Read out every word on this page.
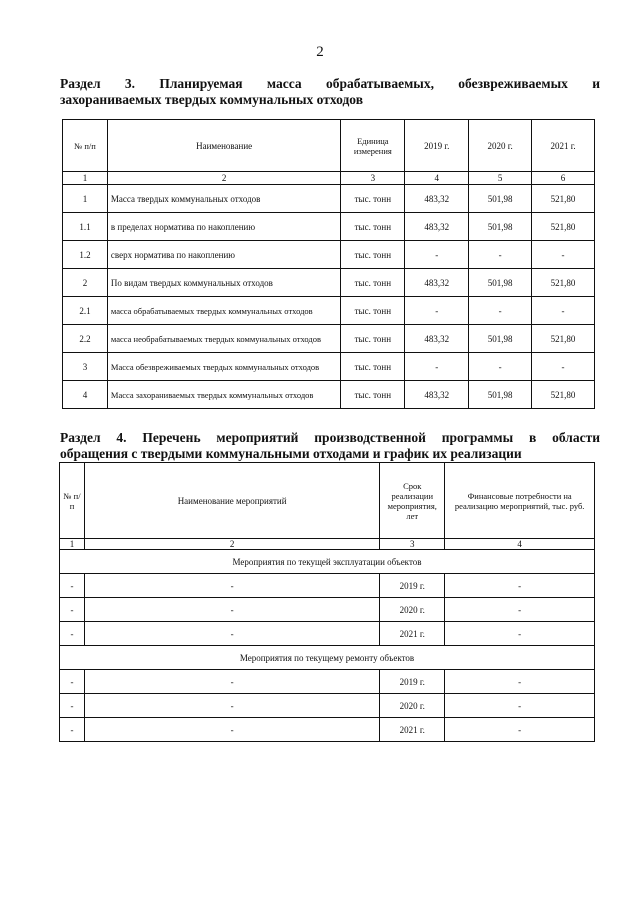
2
Раздел 3. Планируемая масса обрабатываемых, обезвреживаемых и
захораниваемых твердых коммунальных отходов
№ п/п	Наименование	Единица измерения	2019 г.	2020 г.	2021 г.
1	2	3	4	5	6
1	Масса твердых коммунальных отходов	тыс. тонн	483,32	501,98	521,80
1.1	в пределах норматива по накоплению	тыс. тонн	483,32	501,98	521,80
1.2	сверх норматива по накоплению	тыс. тонн	-	-	-
2	По видам твердых коммунальных отходов	тыс. тонн	483,32	501,98	521,80
2.1	масса обрабатываемых твердых коммунальных отходов	тыс. тонн	-	-	-
2.2	масса необрабатываемых твердых коммунальных отходов	тыс. тонн	483,32	501,98	521,80
3	Масса обезвреживаемых твердых коммунальных отходов	тыс. тонн	-	-	-
4	Масса захораниваемых твердых коммунальных отходов	тыс. тонн	483,32	501,98	521,80
Раздел 4. Перечень мероприятий производственной программы в области
обращения с твердыми коммунальными отходами и график их реализации
№ п/п	Наименование мероприятий	Срок реализации мероприятия, лет	Финансовые потребности на реализацию мероприятий, тыс. руб.
1	2	3	4
Мероприятия по текущей эксплуатации объектов			
-	-	2019 г.	-
-	-	2020 г.	-
-	-	2021 г.	-
Мероприятия по текущему ремонту объектов			
-	-	2019 г.	-
-	-	2020 г.	-
-	-	2021 г.	-
